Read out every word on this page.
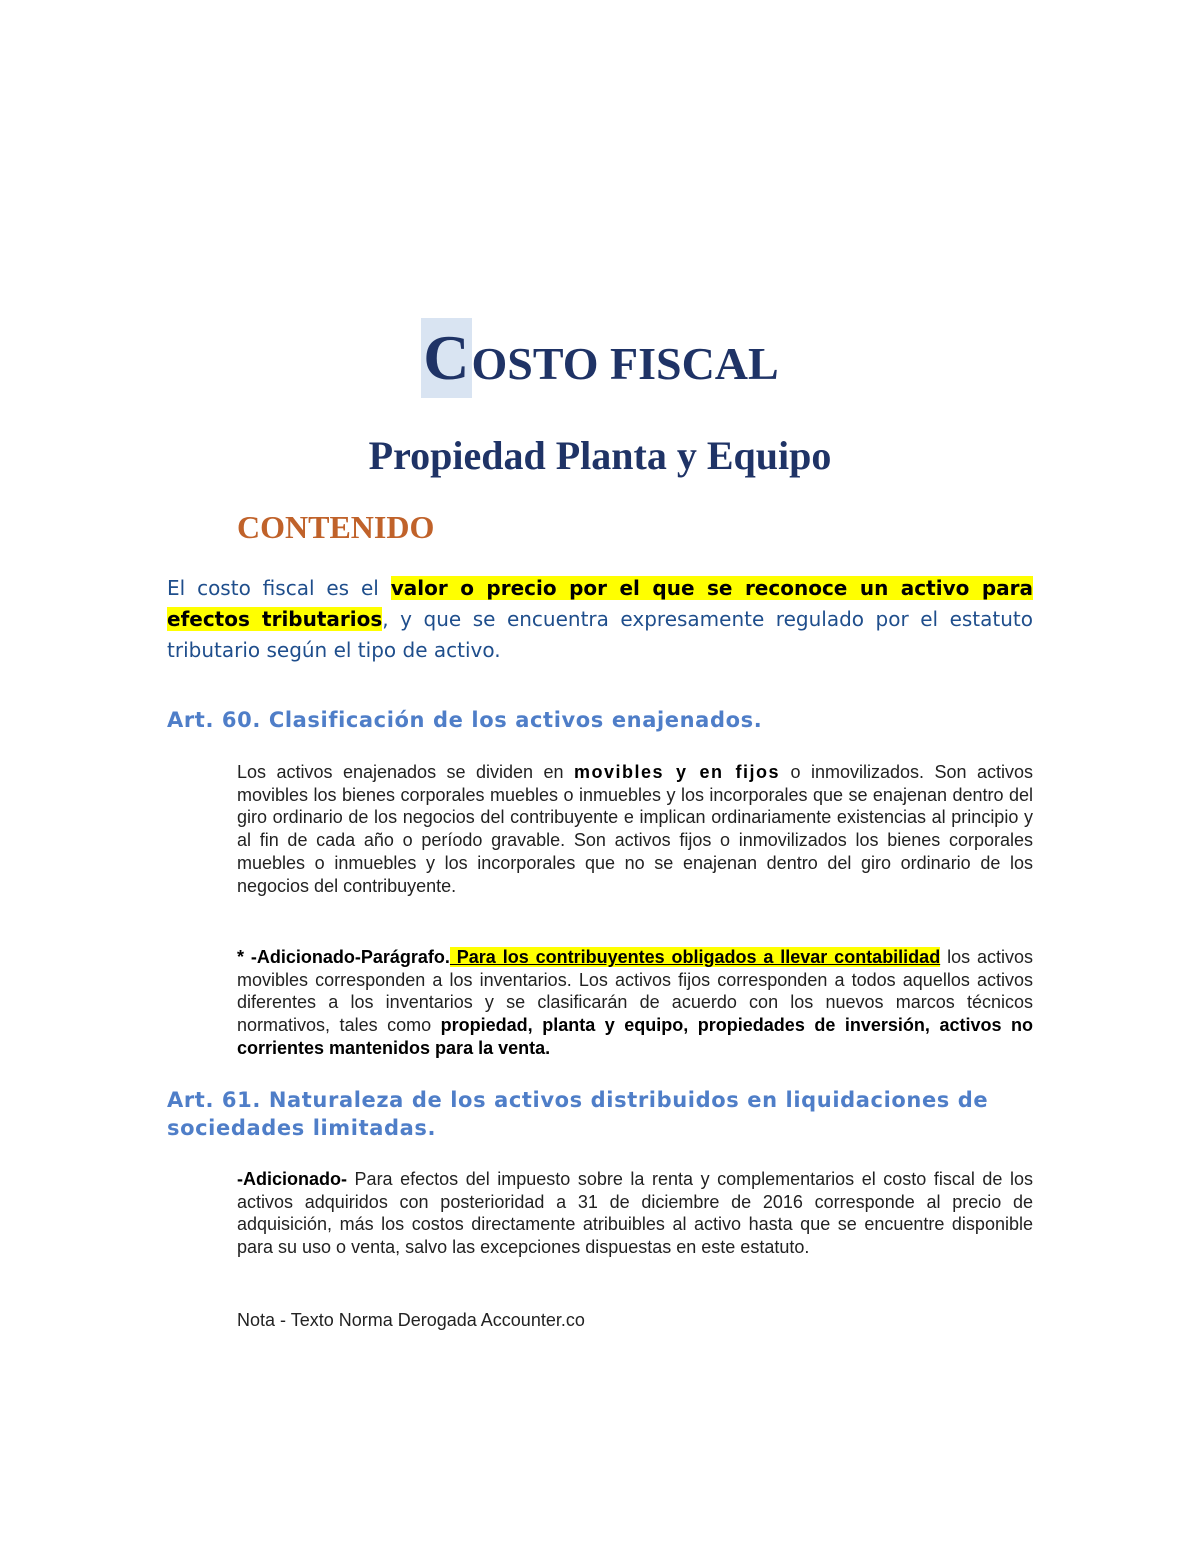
COSTO FISCAL
Propiedad Planta y Equipo
CONTENIDO

El costo fiscal es el valor o precio por el que se reconoce un activo para efectos tributarios, y que se encuentra expresamente regulado por el estatuto tributario según el tipo de activo.

Art. 60. Clasificación de los activos enajenados.

Los activos enajenados se dividen en movibles y en fijos o inmovilizados. Son activos movibles los bienes corporales muebles o inmuebles y los incorporales que se enajenan dentro del giro ordinario de los negocios del contribuyente e implican ordinariamente existencias al principio y al fin de cada año o período gravable. Son activos fijos o inmovilizados los bienes corporales muebles o inmuebles y los incorporales que no se enajenan dentro del giro ordinario de los negocios del contribuyente.

* -Adicionado-Parágrafo. Para los contribuyentes obligados a llevar contabilidad los activos movibles corresponden a los inventarios. Los activos fijos corresponden a todos aquellos activos diferentes a los inventarios y se clasificarán de acuerdo con los nuevos marcos técnicos normativos, tales como propiedad, planta y equipo, propiedades de inversión, activos no corrientes mantenidos para la venta.

Art. 61. Naturaleza de los activos distribuidos en liquidaciones de sociedades limitadas.

-Adicionado- Para efectos del impuesto sobre la renta y complementarios el costo fiscal de los activos adquiridos con posterioridad a 31 de diciembre de 2016 corresponde al precio de adquisición, más los costos directamente atribuibles al activo hasta que se encuentre disponible para su uso o venta, salvo las excepciones dispuestas en este estatuto.

Nota - Texto Norma Derogada Accounter.co
